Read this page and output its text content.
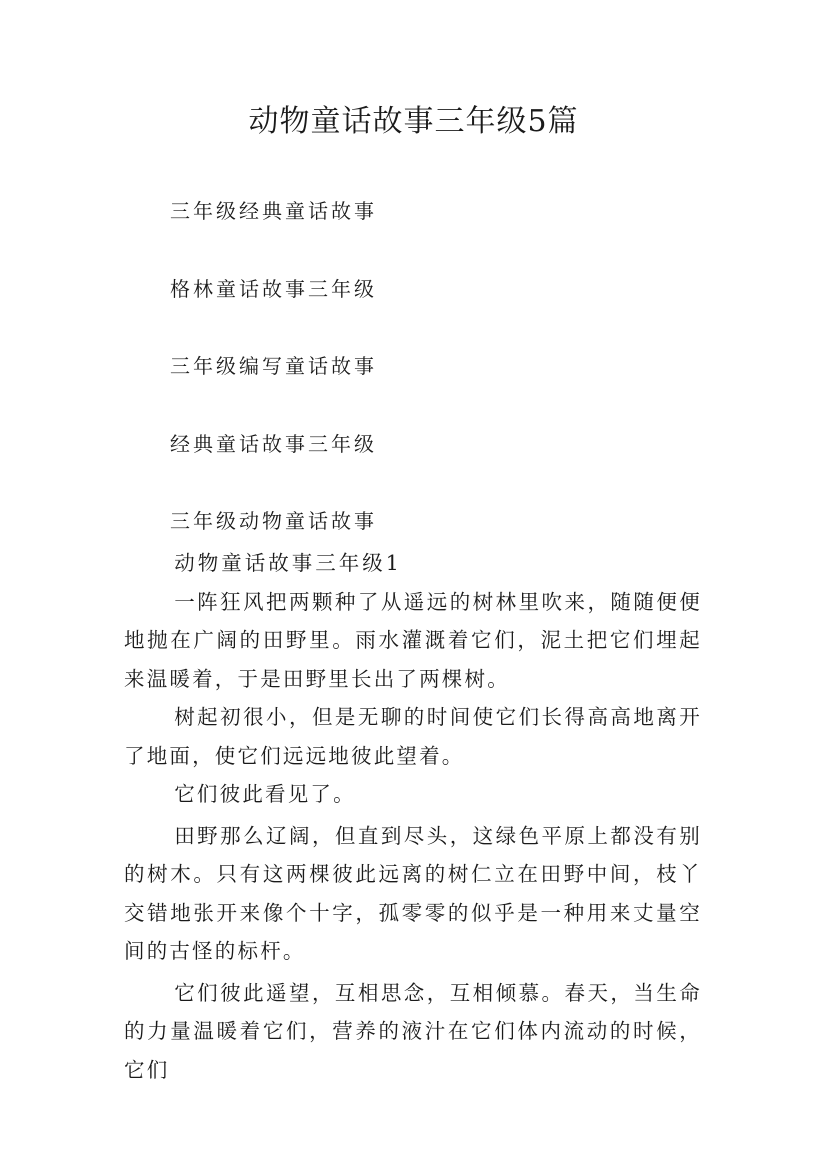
动物童话故事三年级5篇
三年级经典童话故事
格林童话故事三年级
三年级编写童话故事
经典童话故事三年级
三年级动物童话故事

动物童话故事三年级1

一阵狂风把两颗种了从遥远的树林里吹来，随随便便地抛在广阔的田野里。雨水灌溉着它们，泥土把它们埋起来温暖着，于是田野里长出了两棵树。

树起初很小，但是无聊的时间使它们长得高高地离开了地面，使它们远远地彼此望着。

它们彼此看见了。

田野那么辽阔，但直到尽头，这绿色平原上都没有别的树木。只有这两棵彼此远离的树仁立在田野中间，枝丫交错地张开来像个十字，孤零零的似乎是一种用来丈量空间的古怪的标杆。

它们彼此遥望，互相思念，互相倾慕。春天，当生命的力量温暖着它们，营养的液汁在它们体内流动的时候，它们
